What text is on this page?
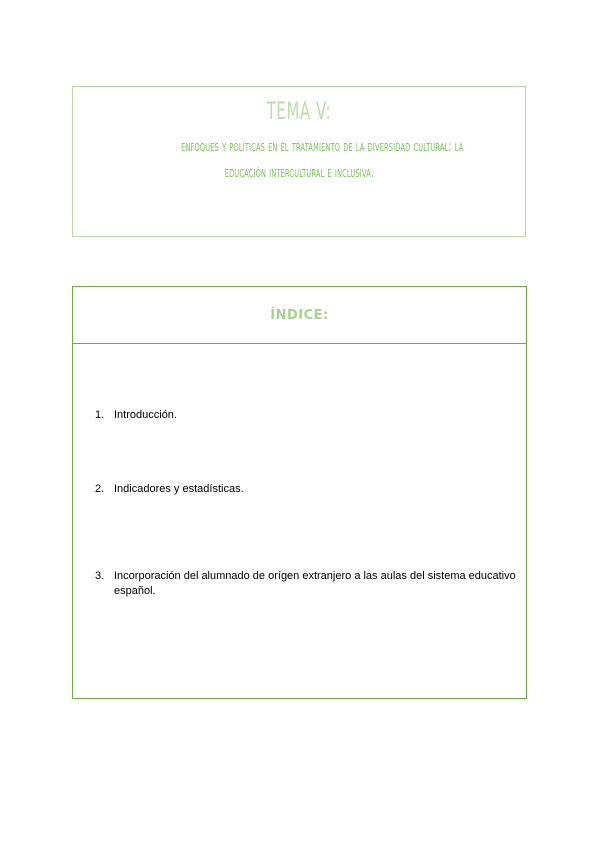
TEMA V:
enfoques y políticas en el tratamiento de la diversidad cultural: la
educación intercultural e inclusiva.
ÍNDICE:
1. Introducción.
2. Indicadores y estadísticas.
3. Incorporación del alumnado de orígen extranjero a las aulas del sistema educativo español.
